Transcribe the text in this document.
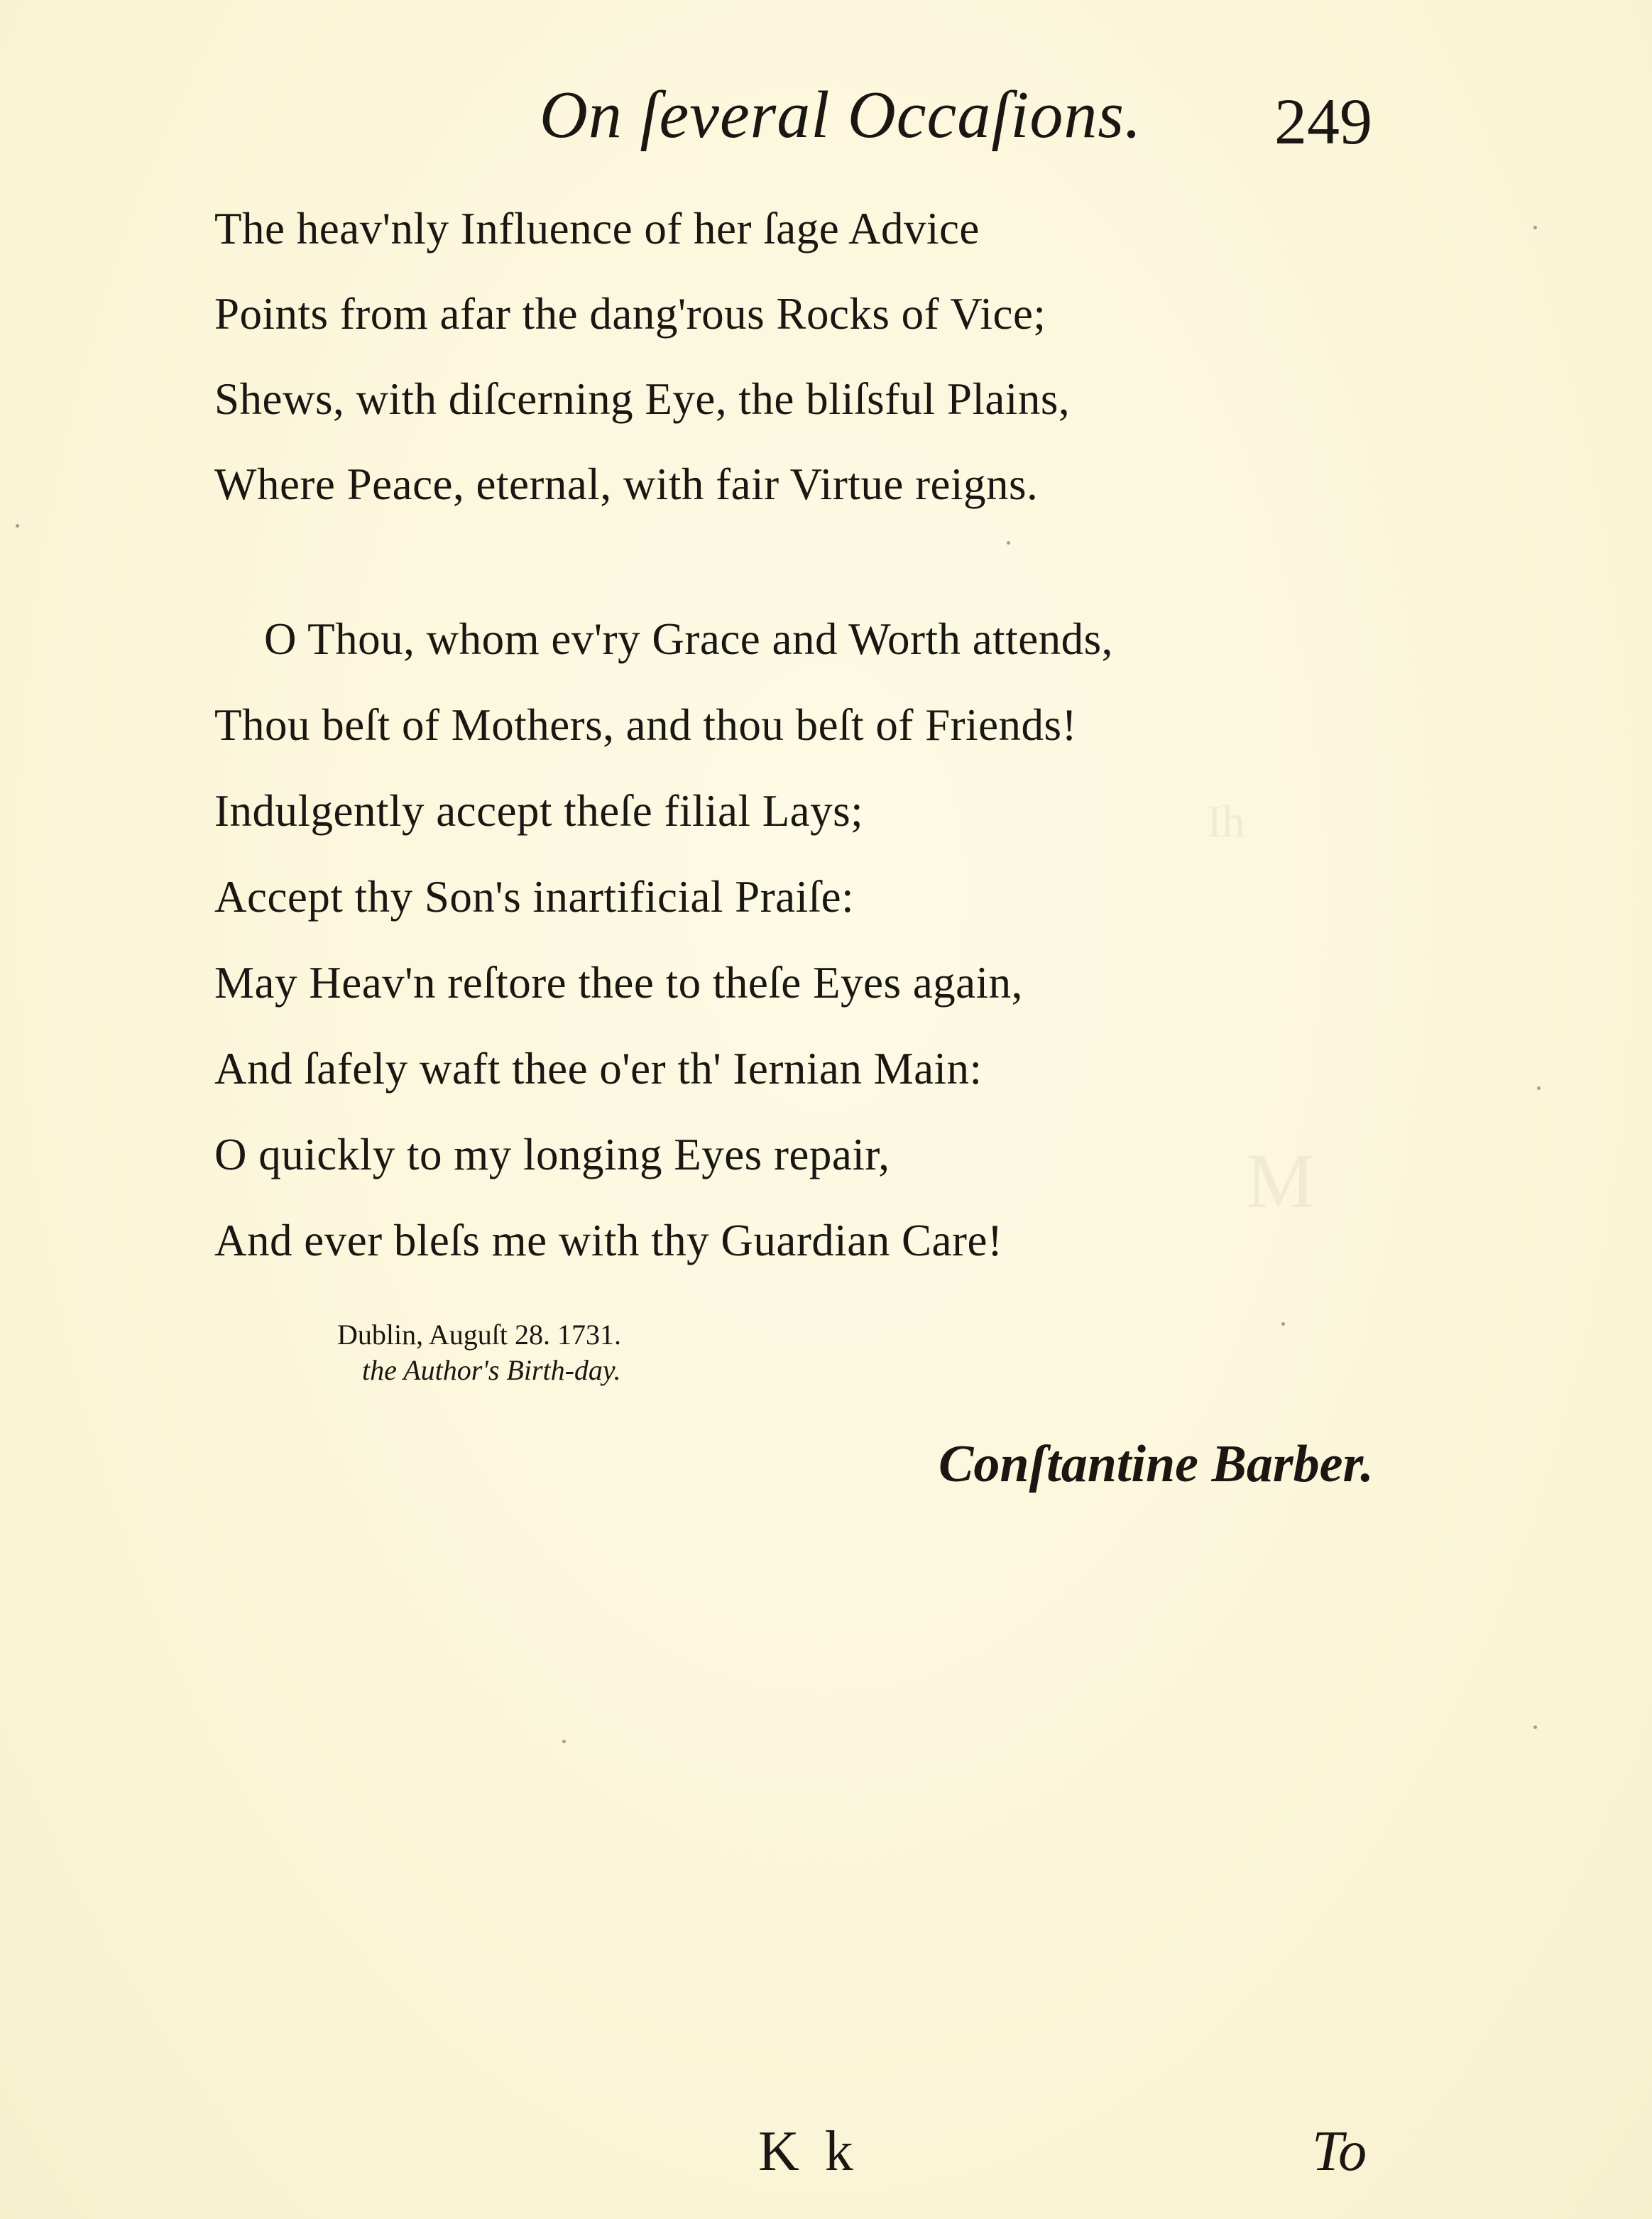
Ih
M
On ſeveral Occaſions. 249
The heav'nly Influence of her ſage Advice
Points from afar the dang'rous Rocks of Vice;
Shews, with diſcerning Eye, the bliſsful Plains,
Where Peace, eternal, with fair Virtue reigns.
O Thou, whom ev'ry Grace and Worth attends,
Thou beſt of Mothers, and thou beſt of Friends!
Indulgently accept theſe filial Lays;
Accept thy Son's inartificial Praiſe:
May Heav'n reſtore thee to theſe Eyes again,
And ſafely waft thee o'er th' Iernian Main:
O quickly to my longing Eyes repair,
And ever bleſs me with thy Guardian Care!
Dublin, Auguſt 28. 1731.
the Author's Birth-day.
Conſtantine Barber.
K k	To
